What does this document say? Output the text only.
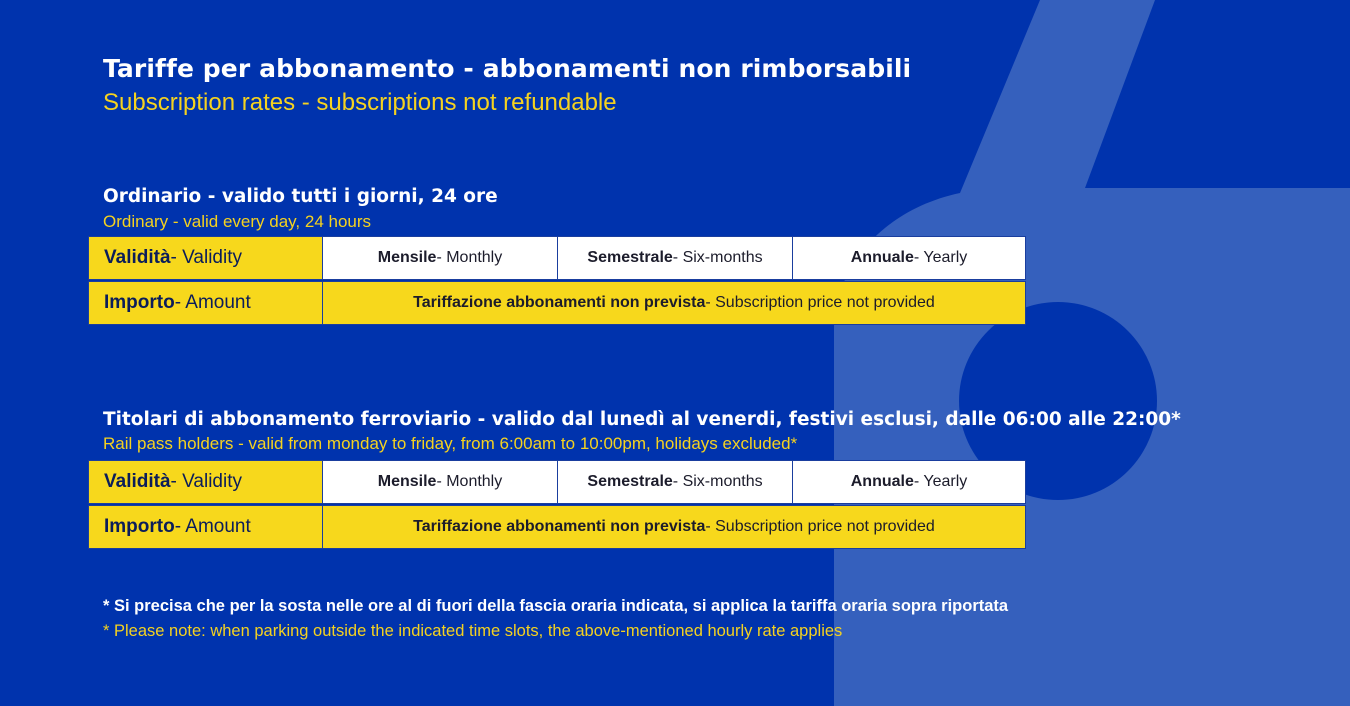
Tariffe per abbonamento - abbonamenti non rimborsabili
Subscription rates - subscriptions not refundable
Ordinario - valido tutti i giorni, 24 ore
Ordinary - valid every day, 24 hours
Validità - Validity	Mensile - Monthly	Semestrale - Six-months	Annuale - Yearly
Importo - Amount	Tariffazione abbonamenti non prevista - Subscription price not provided
Titolari di abbonamento ferroviario - valido dal lunedì al venerdi, festivi esclusi, dalle 06:00 alle 22:00*
Rail pass holders - valid from monday to friday, from 6:00am to 10:00pm, holidays excluded*
Validità - Validity	Mensile - Monthly	Semestrale - Six-months	Annuale - Yearly
Importo - Amount	Tariffazione abbonamenti non prevista - Subscription price not provided
* Si precisa che per la sosta nelle ore al di fuori della fascia oraria indicata, si applica la tariffa oraria sopra riportata
* Please note: when parking outside the indicated time slots, the above-mentioned hourly rate applies
